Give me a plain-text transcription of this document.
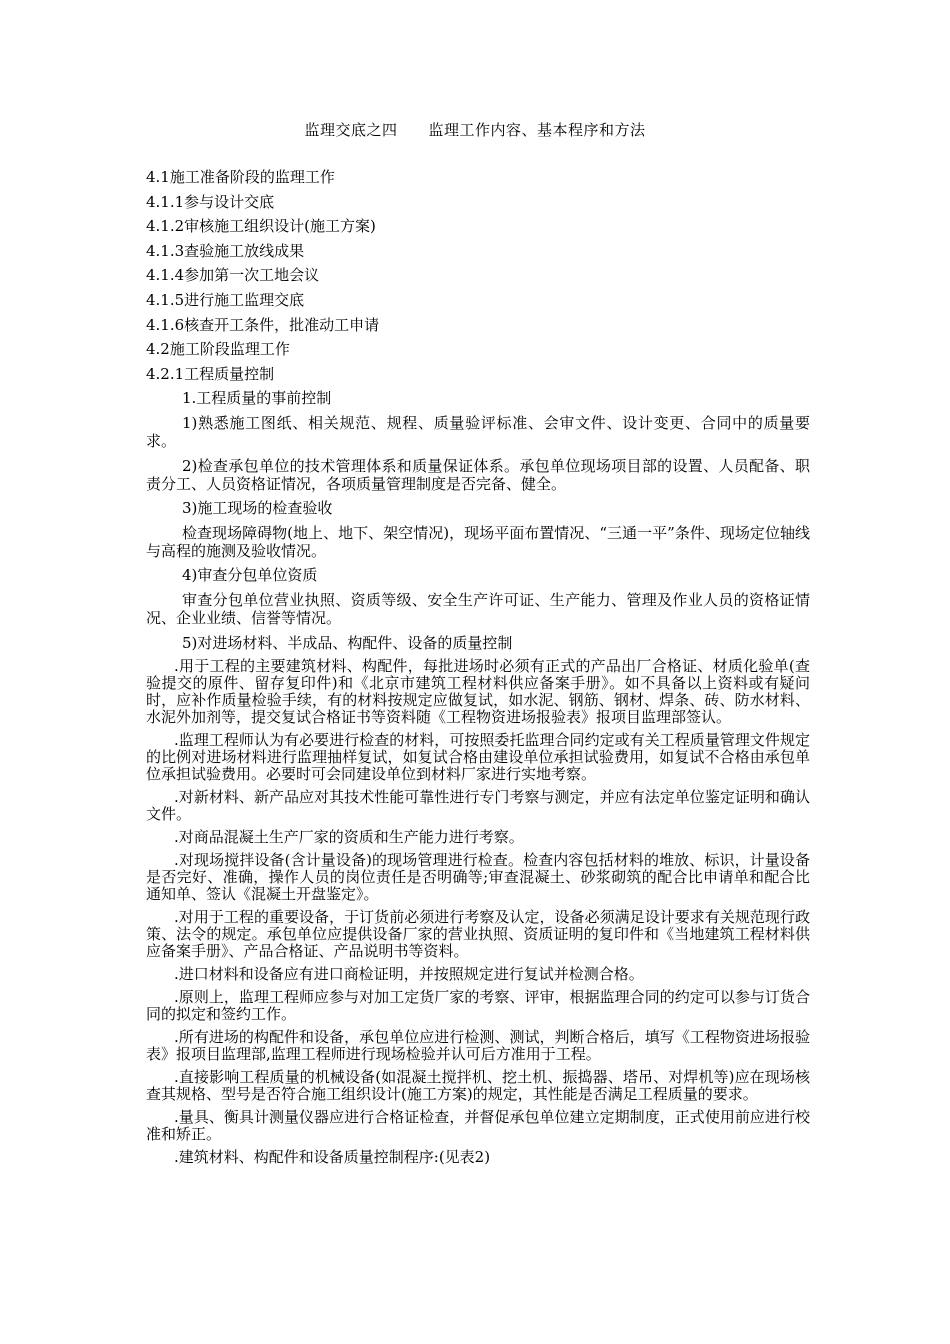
监理交底之四　　监理工作内容、基本程序和方法
4.1施工准备阶段的监理工作
4.1.1参与设计交底
4.1.2审核施工组织设计(施工方案)
4.1.3查验施工放线成果
4.1.4参加第一次工地会议
4.1.5进行施工监理交底
4.1.6核查开工条件，批准动工申请
4.2施工阶段监理工作
4.2.1工程质量控制
1.工程质量的事前控制
1)熟悉施工图纸、相关规范、规程、质量验评标准、会审文件、设计变更、合同中的质量要求。
2)检查承包单位的技术管理体系和质量保证体系。承包单位现场项目部的设置、人员配备、职责分工、人员资格证情况，各项质量管理制度是否完备、健全。
3)施工现场的检查验收
检查现场障碍物(地上、地下、架空情况)，现场平面布置情况、“三通一平”条件、现场定位轴线与高程的施测及验收情况。
4)审查分包单位资质
审查分包单位营业执照、资质等级、安全生产许可证、生产能力、管理及作业人员的资格证情况、企业业绩、信誉等情况。
5)对进场材料、半成品、构配件、设备的质量控制
.用于工程的主要建筑材料、构配件，每批进场时必须有正式的产品出厂合格证、材质化验单(查验提交的原件、留存复印件)和《北京市建筑工程材料供应备案手册》。如不具备以上资料或有疑问时，应补作质量检验手续，有的材料按规定应做复试，如水泥、钢筋、钢材、焊条、砖、防水材料、水泥外加剂等，提交复试合格证书等资料随《工程物资进场报验表》报项目监理部签认。
.监理工程师认为有必要进行检查的材料，可按照委托监理合同约定或有关工程质量管理文件规定的比例对进场材料进行监理抽样复试，如复试合格由建设单位承担试验费用，如复试不合格由承包单位承担试验费用。必要时可会同建设单位到材料厂家进行实地考察。
.对新材料、新产品应对其技术性能可靠性进行专门考察与测定，并应有法定单位鉴定证明和确认文件。
.对商品混凝土生产厂家的资质和生产能力进行考察。
.对现场搅拌设备(含计量设备)的现场管理进行检查。检查内容包括材料的堆放、标识，计量设备是否完好、准确，操作人员的岗位责任是否明确等;审查混凝土、砂浆砌筑的配合比申请单和配合比通知单、签认《混凝土开盘鉴定》。
.对用于工程的重要设备，于订货前必须进行考察及认定，设备必须满足设计要求有关规范现行政策、法令的规定。承包单位应提供设备厂家的营业执照、资质证明的复印件和《当地建筑工程材料供应备案手册》、产品合格证、产品说明书等资料。
.进口材料和设备应有进口商检证明，并按照规定进行复试并检测合格。
.原则上，监理工程师应参与对加工定货厂家的考察、评审，根据监理合同的约定可以参与订货合同的拟定和签约工作。
.所有进场的构配件和设备，承包单位应进行检测、测试，判断合格后，填写《工程物资进场报验表》报项目监理部,监理工程师进行现场检验并认可后方准用于工程。
.直接影响工程质量的机械设备(如混凝土搅拌机、挖土机、振捣器、塔吊、对焊机等)应在现场核查其规格、型号是否符合施工组织设计(施工方案)的规定，其性能是否满足工程质量的要求。
.量具、衡具计测量仪器应进行合格证检查，并督促承包单位建立定期制度，正式使用前应进行校准和矫正。
.建筑材料、构配件和设备质量控制程序:(见表2)
